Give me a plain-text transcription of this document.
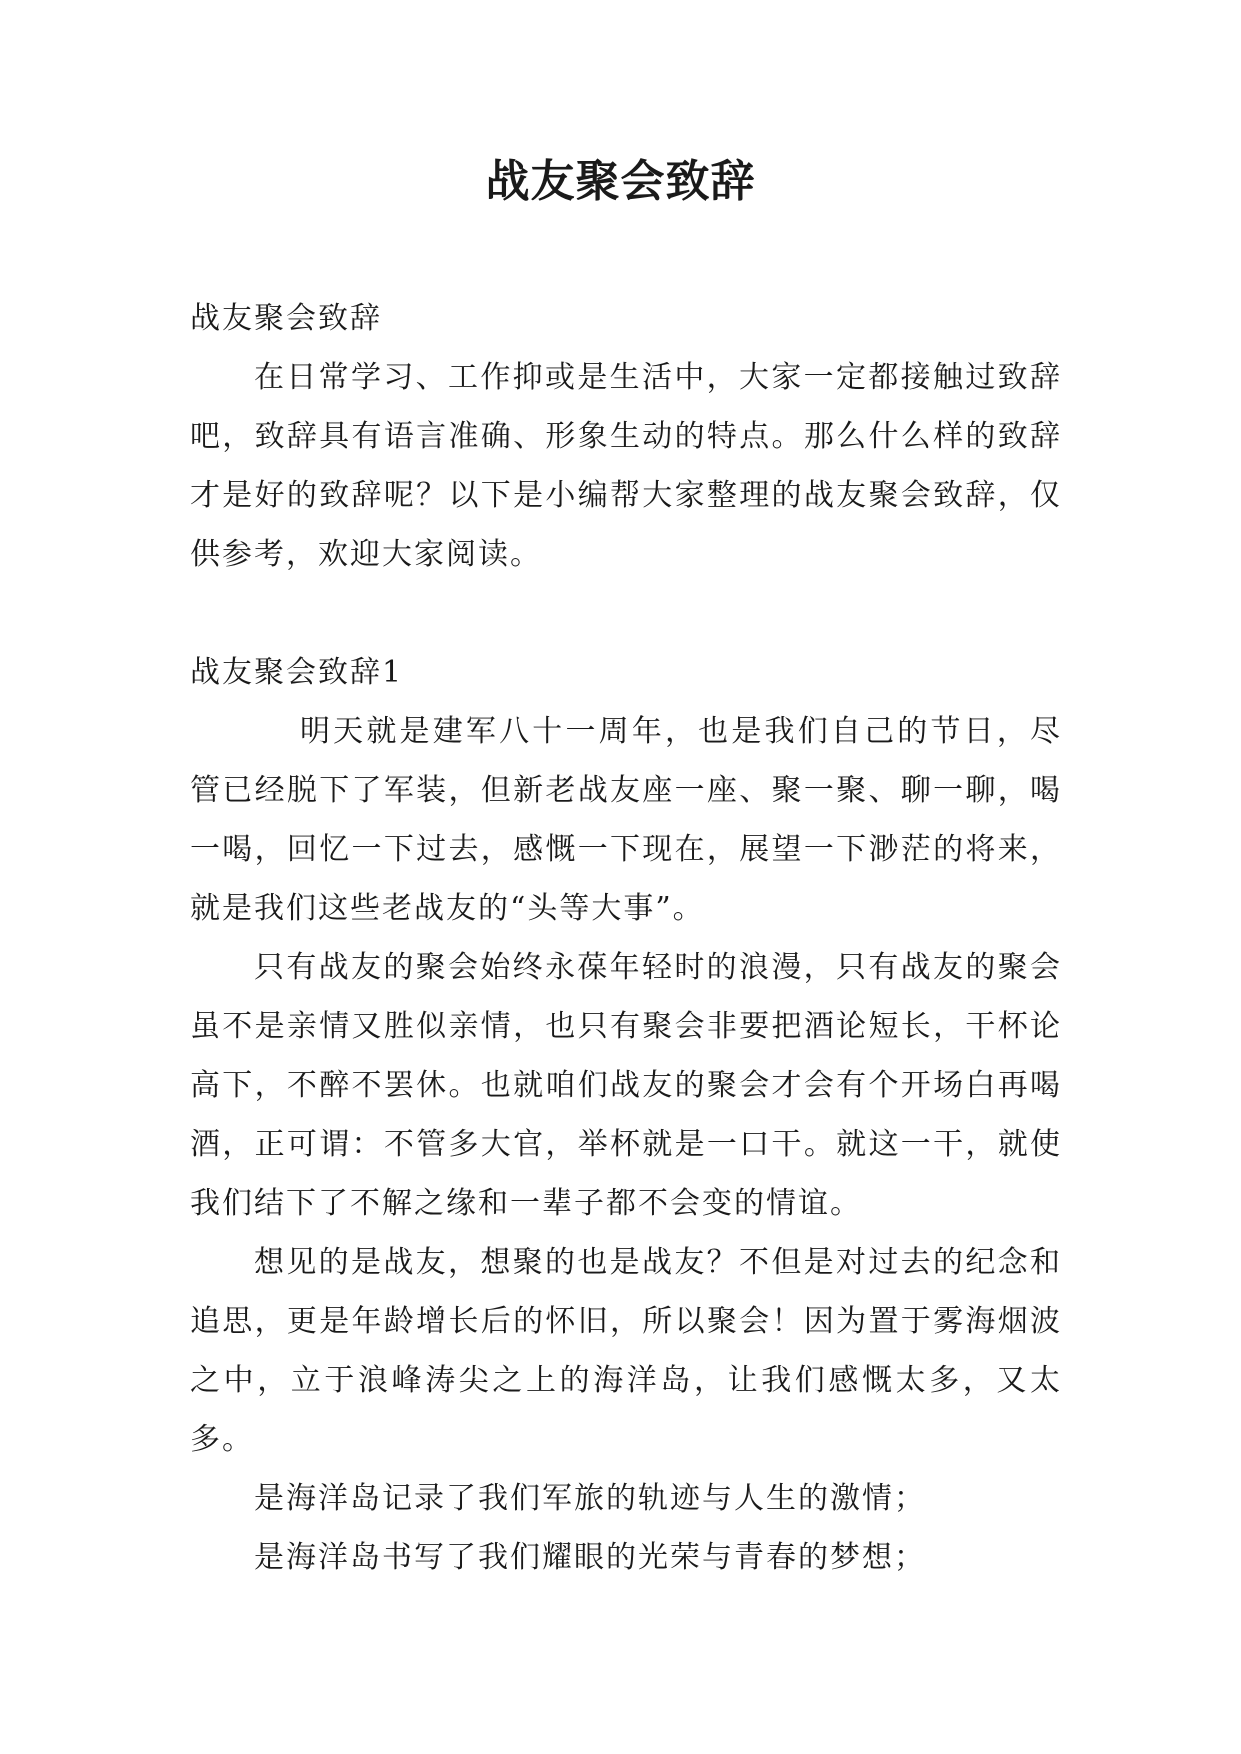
战友聚会致辞

战友聚会致辞

在日常学习、工作抑或是生活中，大家一定都接触过致辞吧，致辞具有语言准确、形象生动的特点。那么什么样的致辞才是好的致辞呢？以下是小编帮大家整理的战友聚会致辞，仅供参考，欢迎大家阅读。

战友聚会致辞1

明天就是建军八十一周年，也是我们自己的节日，尽管已经脱下了军装，但新老战友座一座、聚一聚、聊一聊，喝一喝，回忆一下过去，感慨一下现在，展望一下渺茫的将来，就是我们这些老战友的“头等大事”。

只有战友的聚会始终永葆年轻时的浪漫，只有战友的聚会虽不是亲情又胜似亲情，也只有聚会非要把酒论短长，干杯论高下，不醉不罢休。也就咱们战友的聚会才会有个开场白再喝酒，正可谓：不管多大官，举杯就是一口干。就这一干，就使我们结下了不解之缘和一辈子都不会变的情谊。

想见的是战友，想聚的也是战友？不但是对过去的纪念和追思，更是年龄增长后的怀旧，所以聚会！因为置于雾海烟波之中，立于浪峰涛尖之上的海洋岛，让我们感慨太多，又太多。

是海洋岛记录了我们军旅的轨迹与人生的激情；

是海洋岛书写了我们耀眼的光荣与青春的梦想；
